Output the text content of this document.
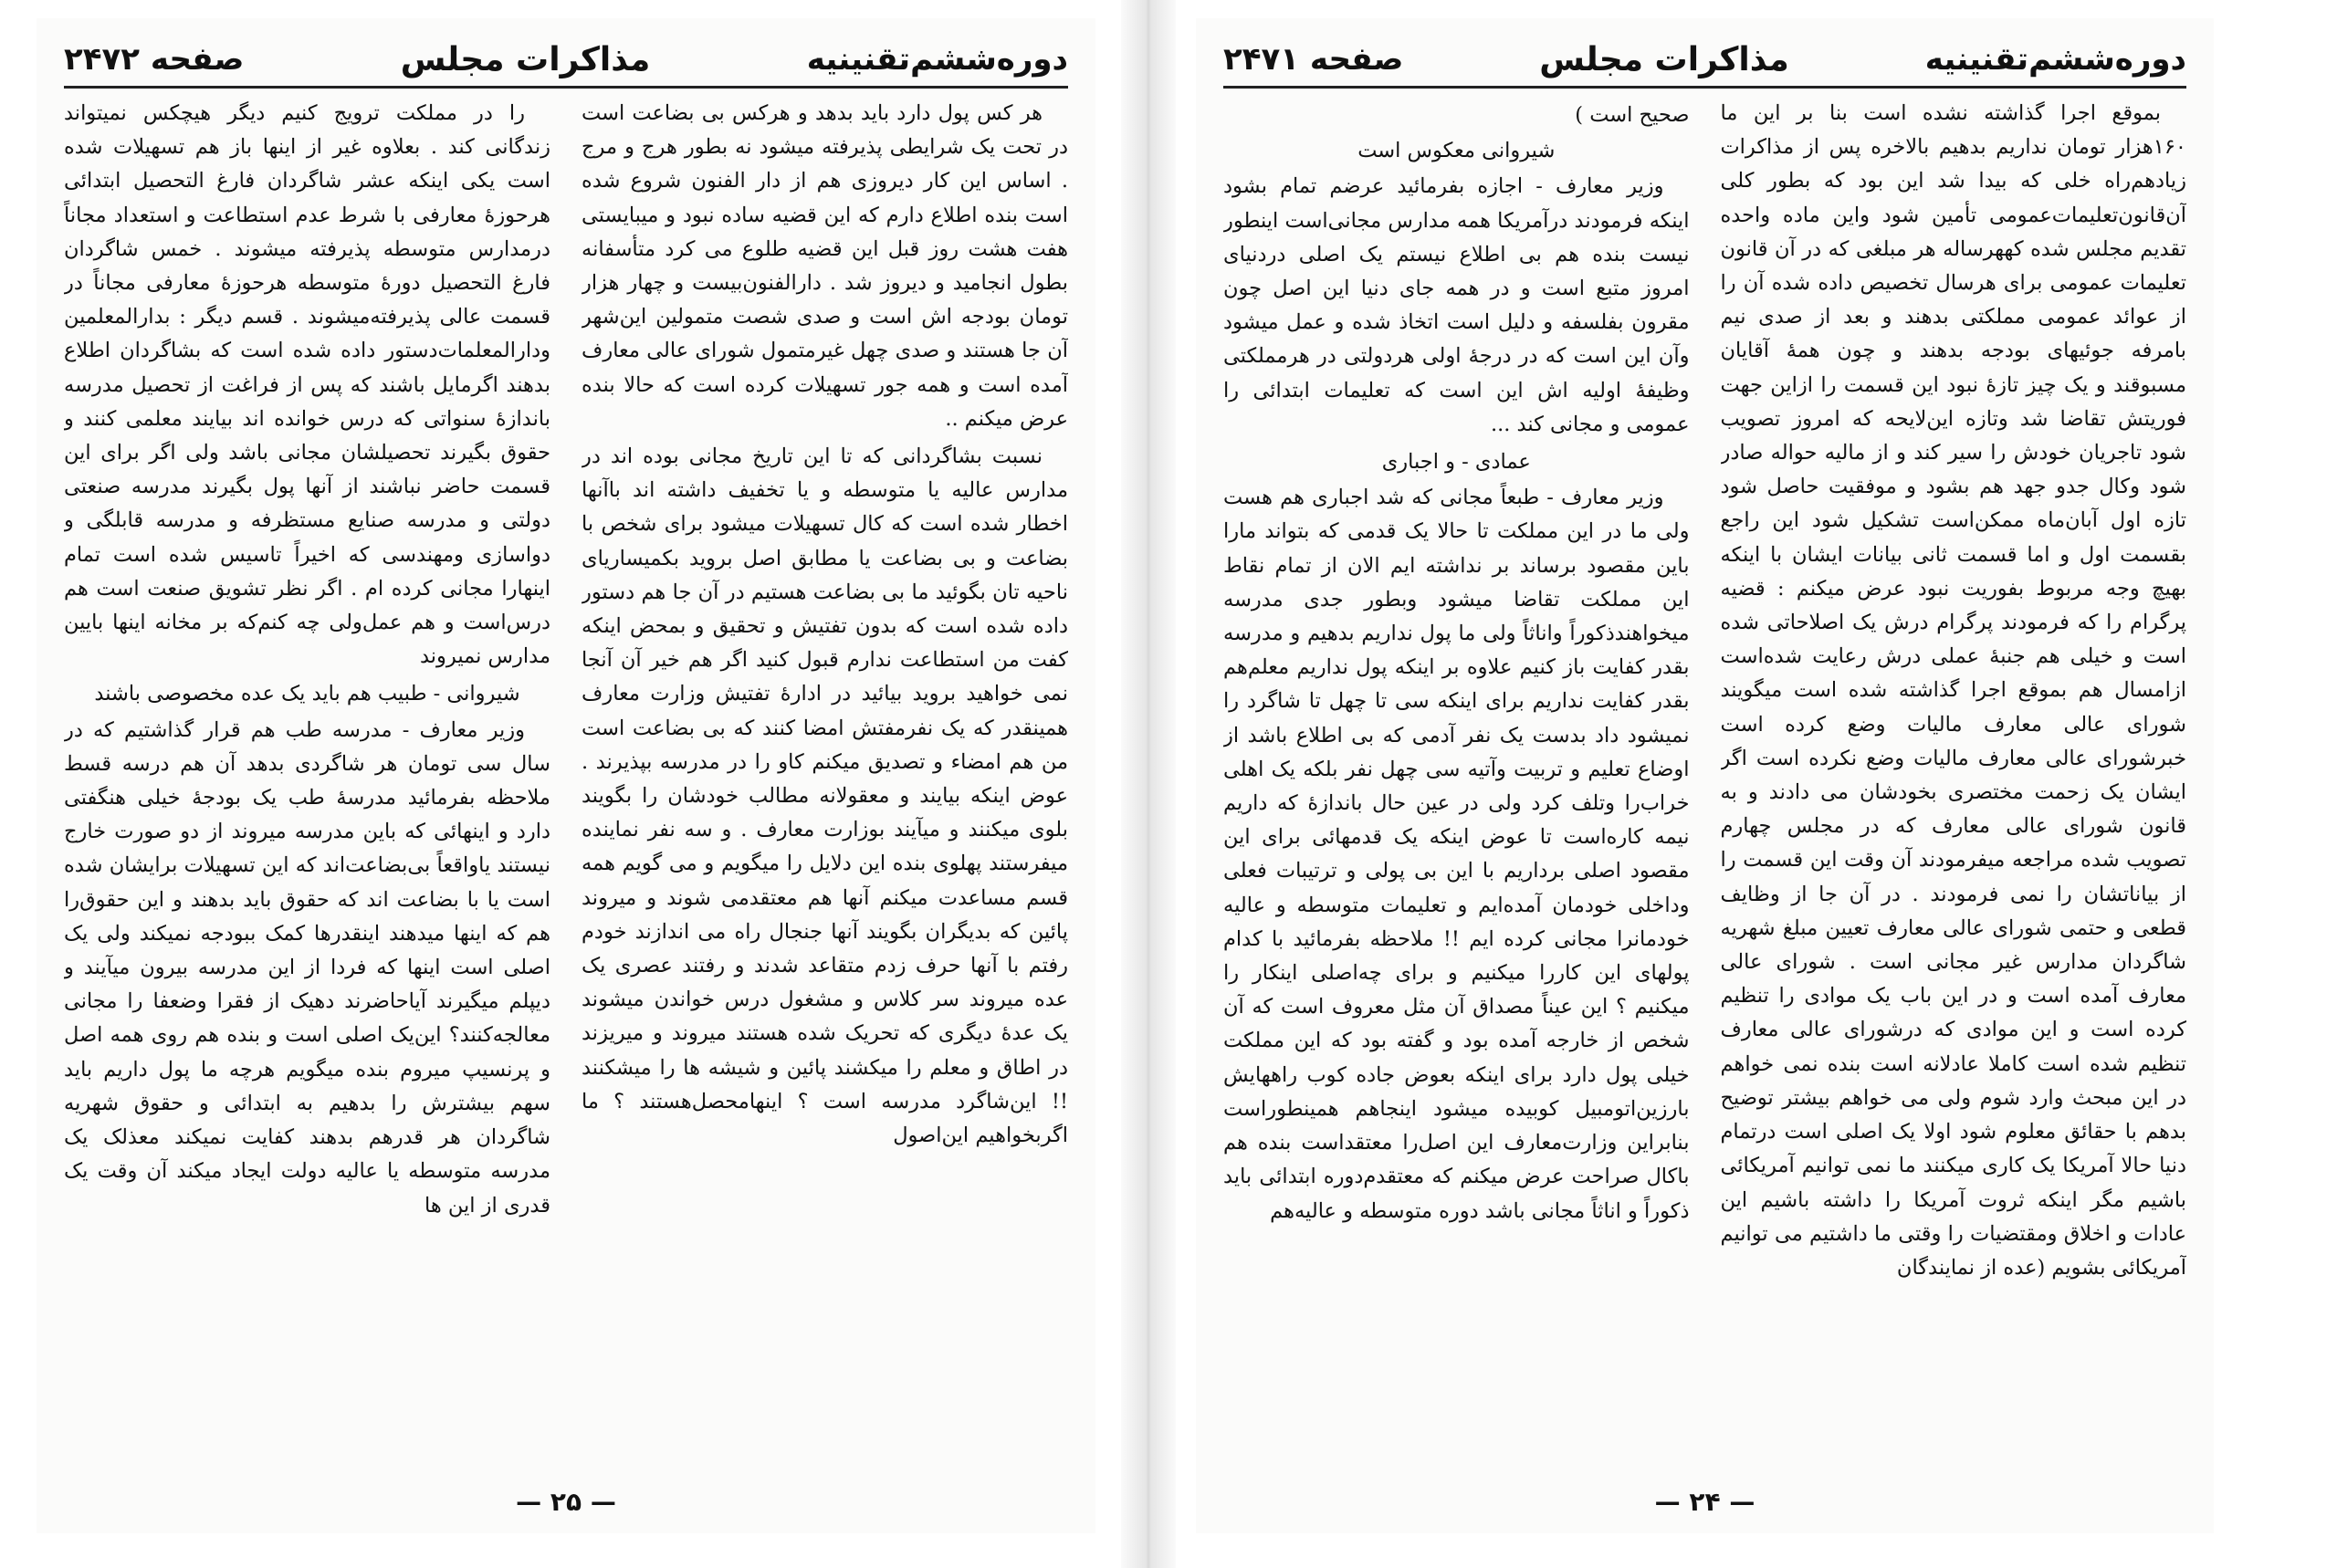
دوره‌ششم‌تقنینیه
مذاکرات مجلس
صفحه ۲۴۷۲

هر کس پول دارد باید بدهد و هرکس بی بضاعت است در تحت یک شرایطی پذیرفته میشود نه بطور هرج و مرج . اساس این کار دیروزی هم از دار الفنون شروع شده است بنده اطلاع دارم که این قضیه ساده نبود و میبایستی هفت هشت روز قبل این قضیه طلوع می کرد متأسفانه بطول انجامید و دیروز شد . دارالفنون‌بیست و چهار هزار تومان بودجه اش است و صدی شصت متمولین این‌شهر آن جا هستند و صدی چهل غیرمتمول شورای عالی معارف آمده است و همه جور تسهیلات کرده است که حالا بنده عرض میکنم ..

نسبت بشاگردانی که تا این تاریخ مجانی بوده اند در مدارس عالیه یا متوسطه و یا تخفیف داشته اند باآنها اخطار شده است که کال تسهیلات میشود برای شخص با بضاعت و بی بضاعت یا مطابق اصل بروید بکمیساریای ناحیه تان بگوئید ما بی بضاعت هستیم در آن جا هم دستور داده شده است که بدون تفتیش و تحقیق و بمحض اینکه کفت من استطاعت ندارم قبول کنید اگر هم خیر آن آنجا نمی خواهید بروید بیائید در ادارهٔ تفتیش وزارت معارف همینقدر که یک نفرمفتش امضا کنند که بی بضاعت است من هم امضاء و تصدیق میکنم کاو را در مدرسه بپذیرند . عوض اینکه بیایند و معقولانه مطالب خودشان را بگویند بلوی میکنند و میآیند بوزارت معارف . و سه نفر نماینده میفرستند پهلوی بنده این دلایل را میگویم و می گویم همه قسم مساعدت میکنم آنها هم معتقدمی شوند و میروند پائین که بدیگران بگویند آنها جنجال راه می اندازند خودم رفتم با آنها حرف زدم متقاعد شدند و رفتند عصری یک عده میروند سر کلاس و مشغول درس خواندن میشوند یک عدهٔ دیگری که تحریک شده هستند میروند و میریزند در اطاق و معلم را میکشند پائین و شیشه ها را میشکنند !! این‌شاگرد مدرسه است ؟ اینها‌محصل‌هستند ؟ ما اگربخواهیم این‌اصول

را در مملکت ترویج کنیم دیگر هیچکس نمیتواند زندگانی کند . بعلاوه غیر از اینها باز هم تسهیلات شده است یکی اینکه عشر شاگردان فارغ التحصیل ابتدائی هرحوزهٔ معارفی با شرط عدم استطاعت و استعداد مجاناً درمدارس متوسطه پذیرفته میشوند . خمس شاگردان فارغ التحصیل دورهٔ متوسطه هرحوزهٔ معارفی مجاناً در قسمت عالی پذیرفته‌میشوند . قسم دیگر : بدارالمعلمین ودارالمعلمات‌دستور داده شده است که بشاگردان اطلاع بدهند اگرمایل باشند که پس از فراغت از تحصیل مدرسه باندازهٔ سنواتی که درس خوانده اند بیایند معلمی کنند و حقوق بگیرند تحصیلشان مجانی باشد ولی اگر برای این قسمت حاضر نباشند از آنها پول بگیرند مدرسه صنعتی دولتی و مدرسه صنایع مستظرفه و مدرسه قابلگی و دواسازی ومهندسی که اخیراً تاسیس شده است تمام اینهارا مجانی کرده ام . اگر نظر تشویق صنعت است هم درس‌است و هم عمل‌ولی چه کنم‌که بر مخانه اینها بایین مدارس نمیروند

شیروانی - طبیب هم باید یک عده مخصوصی باشند

وزیر معارف - مدرسه طب هم قرار گذاشتیم که در سال سی تومان هر شاگردی بدهد آن هم درسه قسط ملاحظه بفرمائید مدرسهٔ طب یک بودجهٔ خیلی هنگفتی دارد و اینهائی که باین مدرسه میروند از دو صورت خارج نیستند یاواقعاً بی‌بضاعت‌اند که این تسهیلات برایشان شده است یا با بضاعت اند که حقوق باید بدهند و این حقوق‌را هم که اینها میدهند اینقدرها کمک ببودجه نمیکند ولی یک اصلی است اینها که فردا از این مدرسه بیرون میآیند و دیپلم میگیرند آیاحاضرند دهیک از فقرا وضعفا را مجانی معالجه‌کنند؟ این‌یک اصلی است و بنده هم روی همه اصل و پرنسیپ میروم بنده میگویم هرچه ما پول داریم باید سهم بیشترش را بدهیم به ابتدائی و حقوق شهریه شاگردان هر قدرهم بدهند کفایت نمیکند معذلک یک مدرسه متوسطه یا عالیه دولت ایجاد میکند آن وقت یک قدری از این ها

— ۲۵ —
دوره‌ششم‌تقنینیه
مذاکرات مجلس
صفحه ۲۴۷۱

بموقع اجرا گذاشته نشده است بنا بر این ما ۱۶۰هزار تومان نداریم بدهیم بالاخره پس از مذاکرات زیادهم‌راه خلی که بیدا شد این بود که بطور کلی آن‌قانون‌تعلیمات‌عمومی تأمین شود واین ماده واحده تقدیم مجلس شده کههرساله هر مبلغی که در آن قانون تعلیمات عمومی برای هرسال تخصیص داده شده آن را از عوائد عمومی مملکتی بدهند و بعد از صدی نیم بامرفه جوئیهای بودجه بدهند و چون همهٔ آقایان مسبوقند و یک چیز تازهٔ نبود این قسمت را ازاین جهت فوریتش تقاضا شد وتازه این‌لایحه که امروز تصویب شود تاجریان خودش را سیر کند و از مالیه حواله صادر شود وکال جدو جهد هم بشود و موفقیت حاصل شود تازه اول آبان‌ماه ممکن‌است تشکیل شود این راجع بقسمت اول و اما قسمت ثانی بیانات ایشان با اینکه بهیچ وجه مربوط بفوریت نبود عرض میکنم : قضیه پرگرام را که فرمودند پرگرام درش یک اصلاحاتی شده است و خیلی هم جنبهٔ عملی درش رعایت شده‌است ازامسال هم بموقع اجرا گذاشته شده است میگویند شورای عالی معارف مالیات وضع کرده است خبرشورای عالی معارف مالیات وضع نکرده است اگر ایشان یک زحمت مختصری بخودشان می دادند و به قانون شورای عالی معارف که در مجلس چهارم تصویب شده مراجعه میفرمودند آن وقت این قسمت را از بیاناتشان را نمی فرمودند . در آن جا از وظایف قطعی و حتمی شورای عالی معارف تعیین مبلغ شهریه شاگردان مدارس غیر مجانی است . شورای عالی معارف آمده است و در این باب یک موادی را تنظیم کرده است و این موادی که درشورای عالی معارف تنظیم شده است کاملا عادلانه است بنده نمی خواهم در این مبحث وارد شوم ولی می خواهم بیشتر توضیح بدهم با حقائق معلوم شود اولا یک اصلی است درتمام دنیا حالا آمریکا یک کاری میکنند ما نمی توانیم آمریکائی باشیم مگر اینکه ثروت آمریکا را داشته باشیم این عادات و اخلاق ومقتضیات را وقتی ما داشتیم می توانیم آمریکائی بشویم (عده از نمایندگان

صحیح است )

شیروانی معکوس است

وزیر معارف - اجازه بفرمائید عرضم تمام بشود اینکه فرمودند درآمریکا همه مدارس مجانی‌است اینطور نیست بنده هم بی اطلاع نیستم یک اصلی دردنیای امروز متبع است و در همه جای دنیا این اصل چون مقرون بفلسفه و دلیل است اتخاذ شده و عمل میشود وآن این است که در درجهٔ اولی هردولتی در هرمملکتی وظیفهٔ اولیه اش این است که تعلیمات ابتدائی را عمومی و مجانی کند ...

عمادی - و اجباری

وزیر معارف - طبعاً مجانی که شد اجباری هم هست ولی ما در این مملکت تا حالا یک قدمی که بتواند مارا باین مقصود برساند بر نداشته ایم الان از تمام نقاط این مملکت تقاضا میشود وبطور جدی مدرسه میخواهندذکوراً واناثاً ولی ما پول نداریم بدهیم و مدرسه بقدر کفایت باز کنیم علاوه بر اینکه پول نداریم معلم‌هم بقدر کفایت نداریم برای اینکه سی تا چهل تا شاگرد را نمیشود داد بدست یک نفر آدمی که بی اطلاع باشد از اوضاع تعلیم و تربیت وآتیه سی چهل نفر بلکه یک اهلی خراب‌را وتلف کرد ولی در عین حال باندازهٔ که داریم نیمه کاره‌است تا عوض اینکه یک قدمهائی برای این مقصود اصلی برداریم با این بی پولی و ترتیبات فعلی وداخلی خودمان آمده‌ایم و تعلیمات متوسطه و عالیه خودمانرا مجانی کرده ایم !! ملاحظه بفرمائید با کدام پولهای این کاررا میکنیم و برای چه‌اصلی اینکار را میکنیم ؟ این عیناً مصداق آن مثل معروف است که آن شخص از خارجه آمده بود و گفته بود که این مملکت خیلی پول دارد برای اینکه بعوض جاده کوب راههایش بارزین‌اتومبیل کوبیده میشود اینجاهم همینطوراست بنابراین وزارت‌معارف این اصل‌را معتقداست بنده هم باکال صراحت عرض میکنم که معتقدم‌دوره ابتدائی باید ذکوراً و اناثاً مجانی باشد دوره متوسطه و عالیه‌هم

— ۲۴ —
